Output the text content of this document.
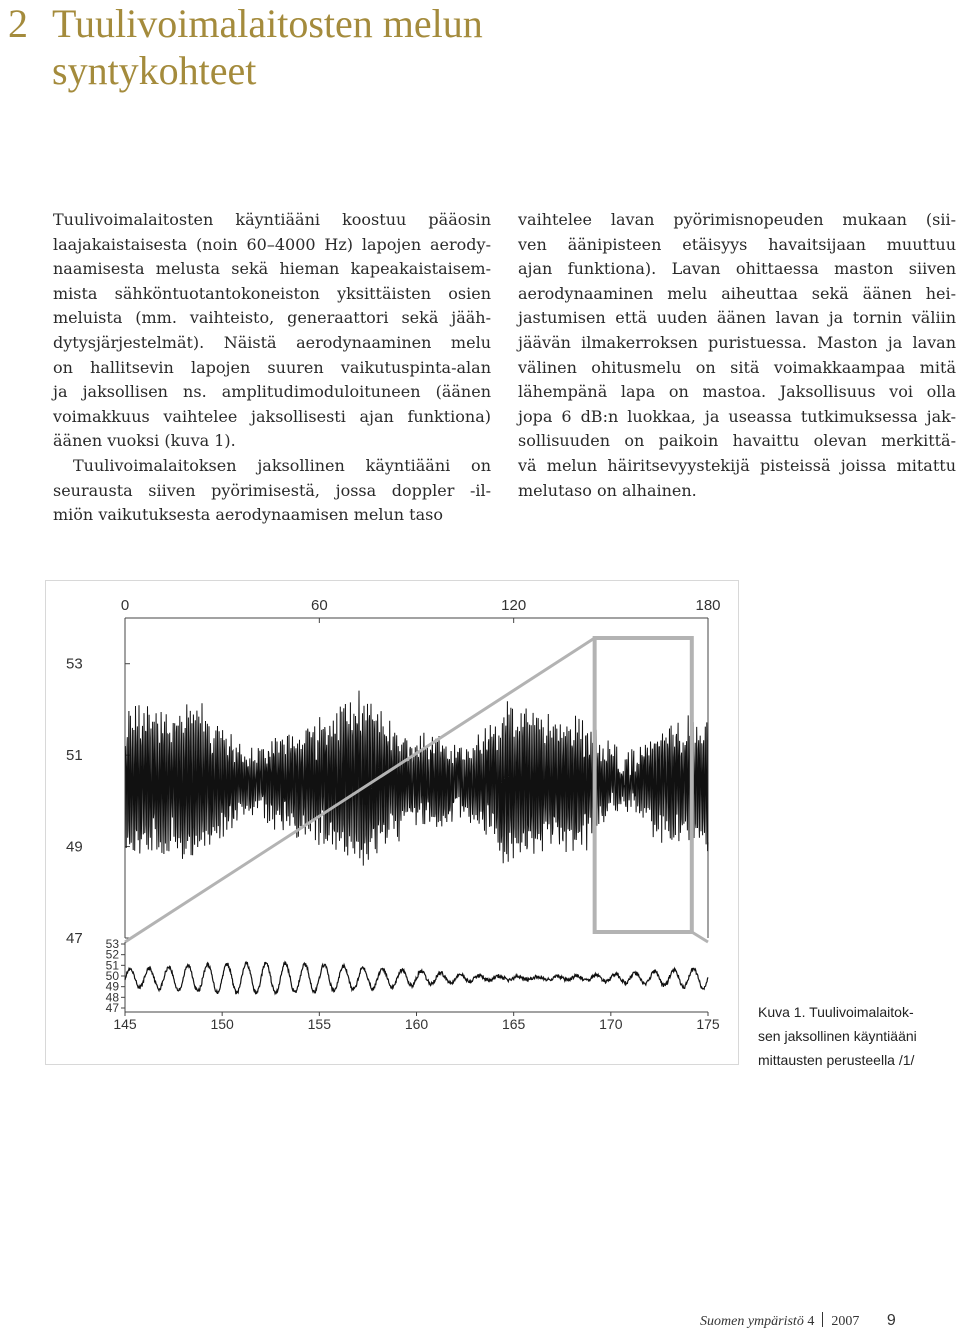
2 Tuulivoimalaitosten melun
syntykohteet
Tuulivoimalaitosten käyntiääni koostuu pääosin
laajakaistaisesta (noin 60–4000 Hz) lapojen aerody-
naamisesta melusta sekä hieman kapeakaistaisem-
mista sähköntuotantokoneiston yksittäisten osien
meluista (mm. vaihteisto, generaattori sekä jääh-
dytysjärjestelmät). Näistä aerodynaaminen melu
on hallitsevin lapojen suuren vaikutuspinta-alan
ja jaksollisen ns. amplitudimoduloituneen (äänen
voimakkuus vaihtelee jaksollisesti ajan funktiona)
äänen vuoksi (kuva 1).
Tuulivoimalaitoksen jaksollinen käyntiääni on
seurausta siiven pyörimisestä, jossa doppler -il-
miön vaikutuksesta aerodynaamisen melun taso
vaihtelee lavan pyörimisnopeuden mukaan (sii-
ven äänipisteen etäisyys havaitsijaan muuttuu
ajan funktiona). Lavan ohittaessa maston siiven
aerodynaaminen melu aiheuttaa sekä äänen hei-
jastumisen että uuden äänen lavan ja tornin väliin
jäävän ilmakerroksen puristuessa. Maston ja lavan
välinen ohitusmelu on sitä voimakkaampaa mitä
lähempänä lapa on mastoa. Jaksollisuus voi olla
jopa 6 dB:n luokkaa, ja useassa tutkimuksessa jak-
sollisuuden on paikoin havaittu olevan merkittä-
vä melun häiritsevyystekijä pisteissä joissa mitattu
melutaso on alhainen.
0	60	120	180
53
51
49
47
145	150	155	160	165	170	175
53
52
51
50
49
48
47	Kuva 1. Tuulivoimalaitok-
sen jaksollinen käyntiääni
mittausten perusteella /1/
Suomen ympäristö 4 2007 9
